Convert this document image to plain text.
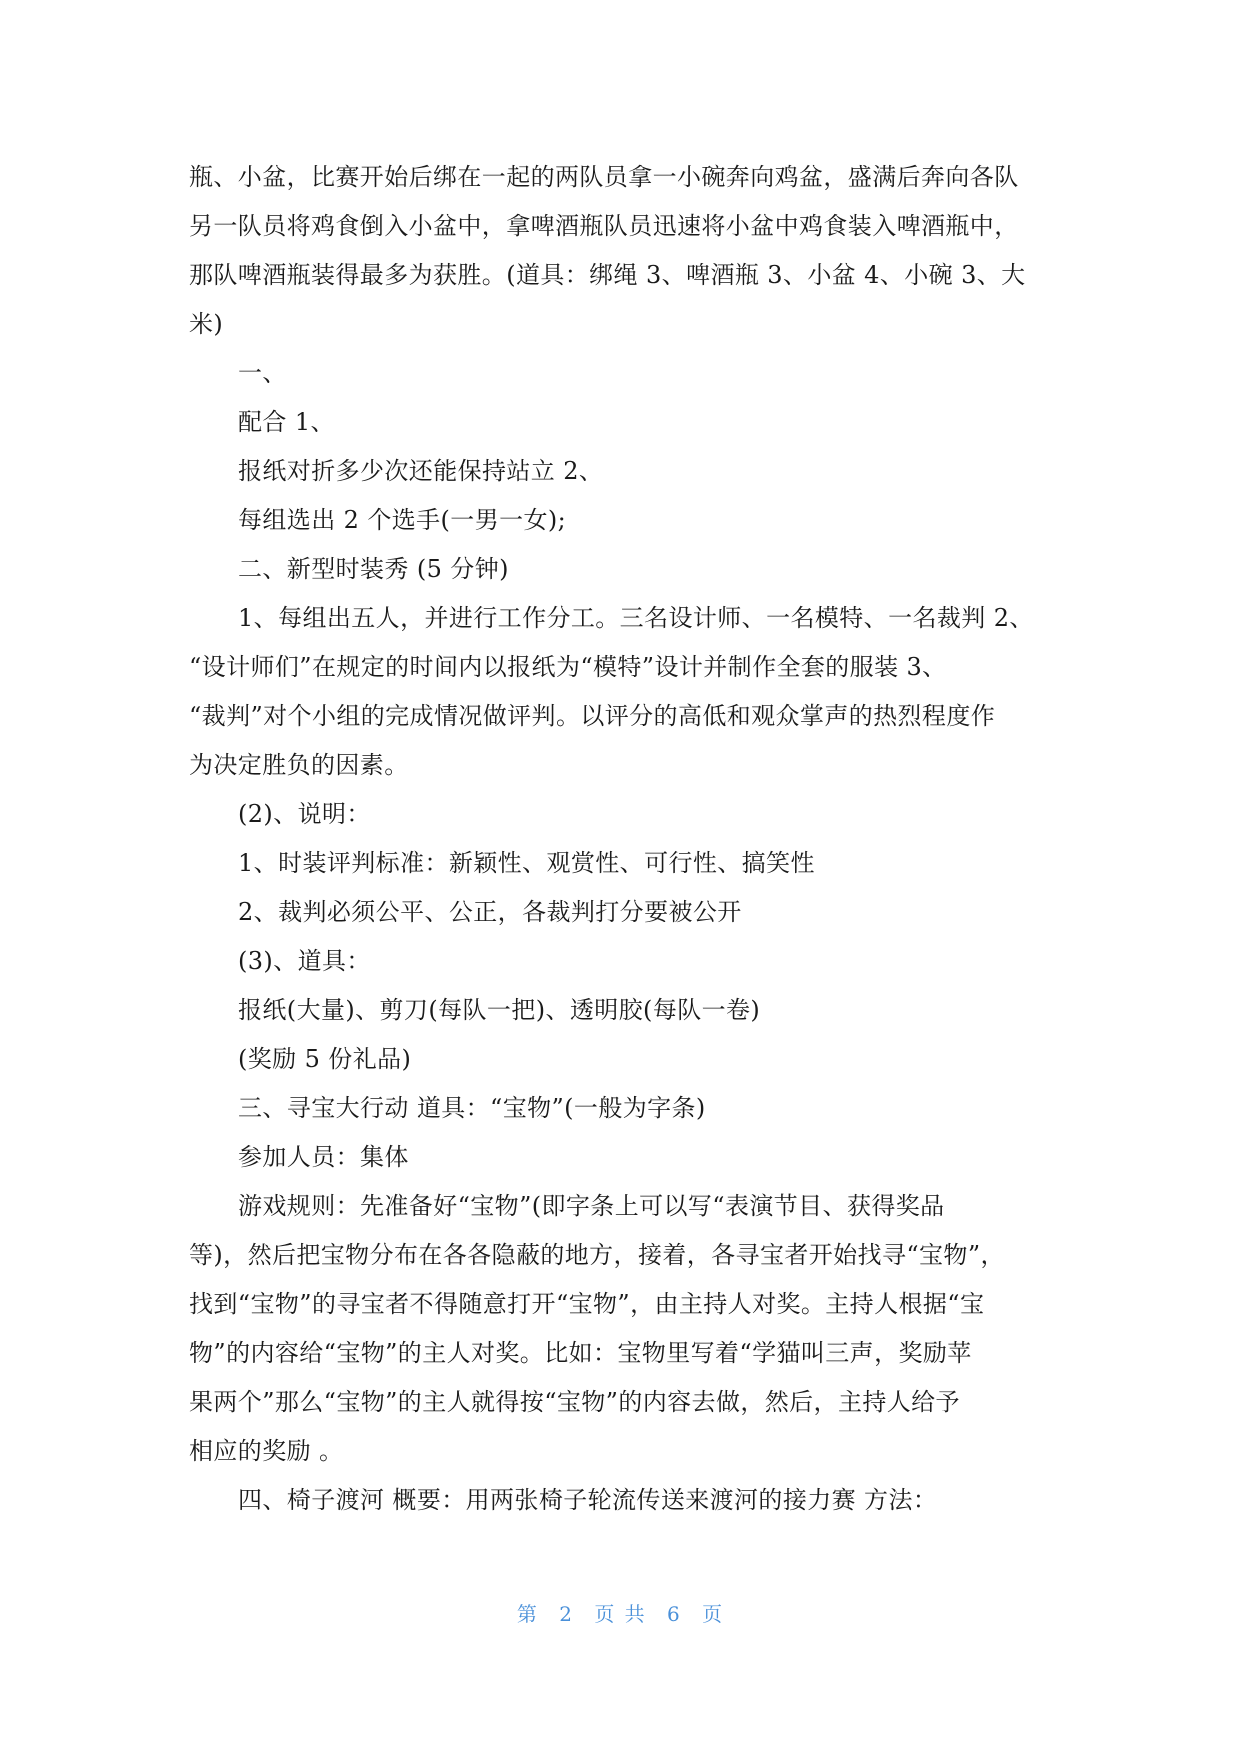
瓶、小盆，比赛开始后绑在一起的两队员拿一小碗奔向鸡盆，盛满后奔向各队
另一队员将鸡食倒入小盆中，拿啤酒瓶队员迅速将小盆中鸡食装入啤酒瓶中，
那队啤酒瓶装得最多为获胜。(道具：绑绳 3、啤酒瓶 3、小盆 4、小碗 3、大
米)
一、
配合 1、
报纸对折多少次还能保持站立 2、
每组选出 2 个选手(一男一女);
二、新型时装秀 (5 分钟)
1、每组出五人，并进行工作分工。三名设计师、一名模特、一名裁判 2、
“设计师们”在规定的时间内以报纸为“模特”设计并制作全套的服装 3、
“裁判”对个小组的完成情况做评判。以评分的高低和观众掌声的热烈程度作
为决定胜负的因素。
(2)、说明：
1、时装评判标准：新颖性、观赏性、可行性、搞笑性
2、裁判必须公平、公正，各裁判打分要被公开
(3)、道具：
报纸(大量)、剪刀(每队一把)、透明胶(每队一卷)
(奖励 5 份礼品)
三、寻宝大行动 道具：“宝物”(一般为字条)
参加人员：集体
游戏规则：先准备好“宝物”(即字条上可以写“表演节目、获得奖品
等)，然后把宝物分布在各各隐蔽的地方，接着，各寻宝者开始找寻“宝物”，
找到“宝物”的寻宝者不得随意打开“宝物”，由主持人对奖。主持人根据“宝
物”的内容给“宝物”的主人对奖。比如：宝物里写着“学猫叫三声，奖励苹
果两个”那么“宝物”的主人就得按“宝物”的内容去做，然后，主持人给予
相应的奖励 。
四、椅子渡河 概要：用两张椅子轮流传送来渡河的接力赛 方法：
第 2 页 共 6 页
